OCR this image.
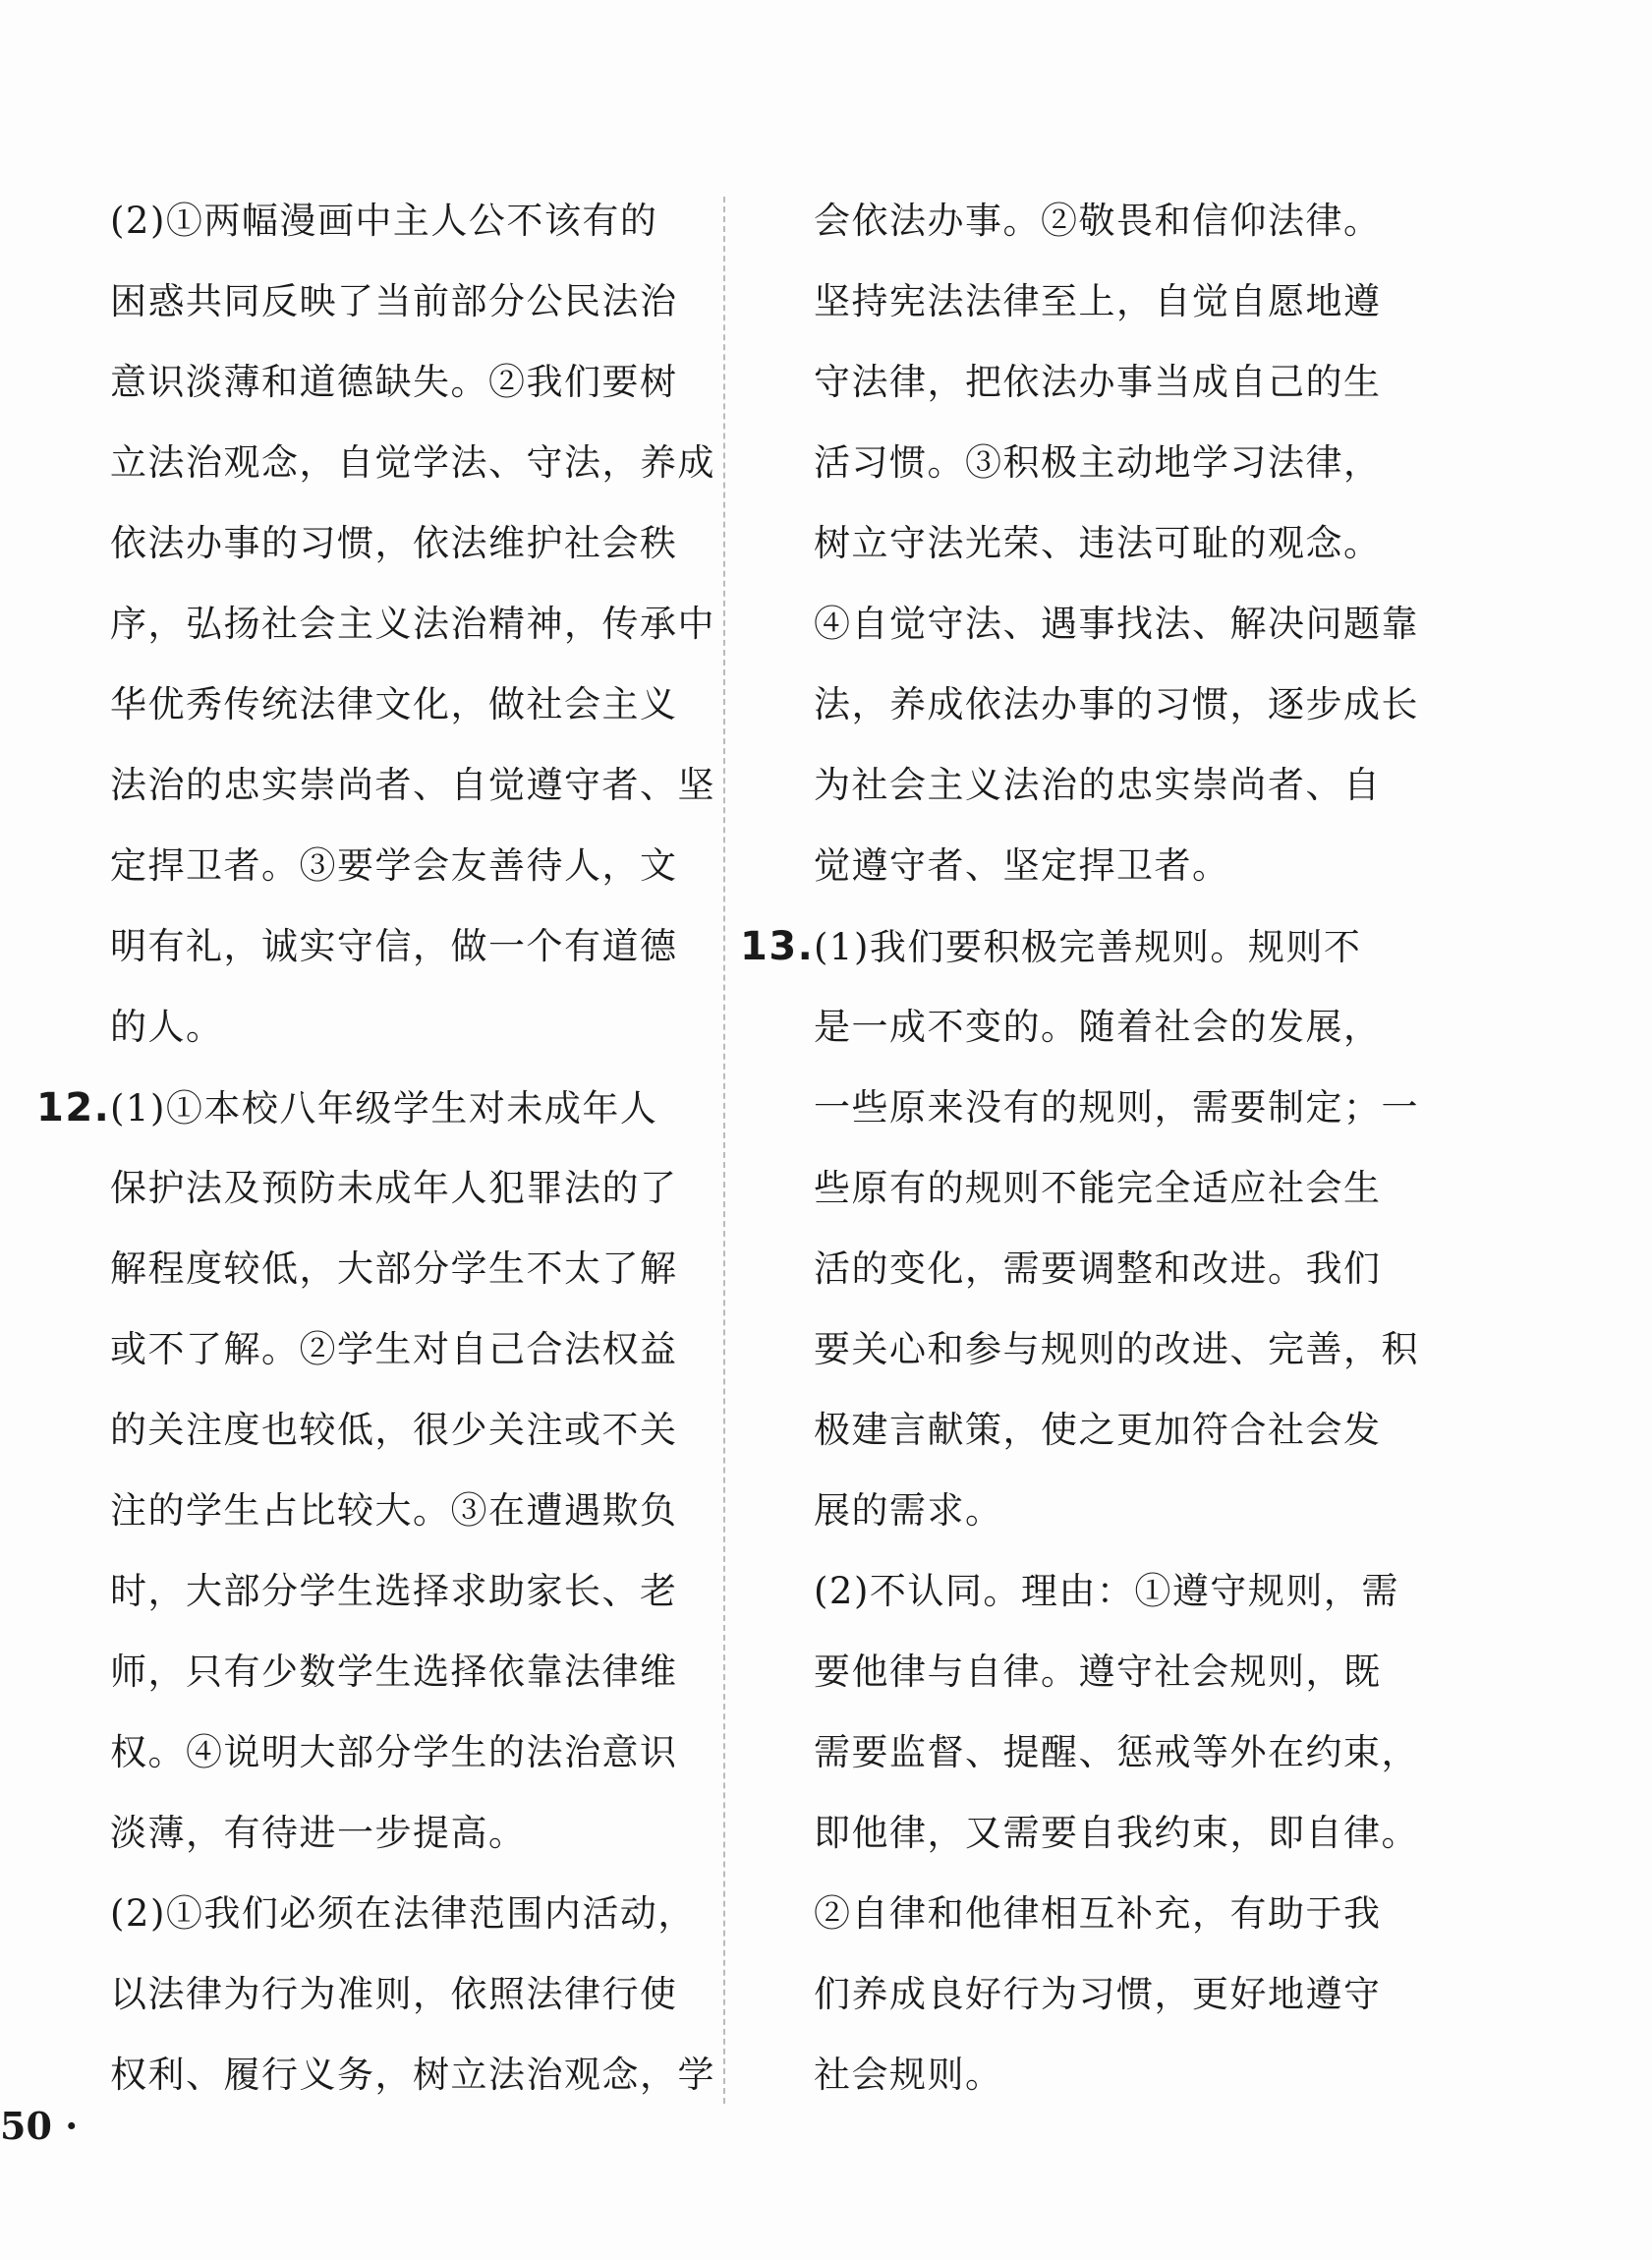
(2)①两幅漫画中主人公不该有的
困惑共同反映了当前部分公民法治
意识淡薄和道德缺失。②我们要树
立法治观念，自觉学法、守法，养成
依法办事的习惯，依法维护社会秩
序，弘扬社会主义法治精神，传承中
华优秀传统法律文化，做社会主义
法治的忠实崇尚者、自觉遵守者、坚
定捍卫者。③要学会友善待人，文
明有礼，诚实守信，做一个有道德
的人。
12.(1)①本校八年级学生对未成年人
保护法及预防未成年人犯罪法的了
解程度较低，大部分学生不太了解
或不了解。②学生对自己合法权益
的关注度也较低，很少关注或不关
注的学生占比较大。③在遭遇欺负
时，大部分学生选择求助家长、老
师，只有少数学生选择依靠法律维
权。④说明大部分学生的法治意识
淡薄，有待进一步提高。
(2)①我们必须在法律范围内活动，
以法律为行为准则，依照法律行使
权利、履行义务，树立法治观念，学
会依法办事。②敬畏和信仰法律。
坚持宪法法律至上，自觉自愿地遵
守法律，把依法办事当成自己的生
活习惯。③积极主动地学习法律，
树立守法光荣、违法可耻的观念。
④自觉守法、遇事找法、解决问题靠
法，养成依法办事的习惯，逐步成长
为社会主义法治的忠实崇尚者、自
觉遵守者、坚定捍卫者。
13.(1)我们要积极完善规则。规则不
是一成不变的。随着社会的发展，
一些原来没有的规则，需要制定；一
些原有的规则不能完全适应社会生
活的变化，需要调整和改进。我们
要关心和参与规则的改进、完善，积
极建言献策，使之更加符合社会发
展的需求。
(2)不认同。理由：①遵守规则，需
要他律与自律。遵守社会规则，既
需要监督、提醒、惩戒等外在约束，
即他律，又需要自我约束，即自律。
②自律和他律相互补充，有助于我
们养成良好行为习惯，更好地遵守
社会规则。
50 ·
